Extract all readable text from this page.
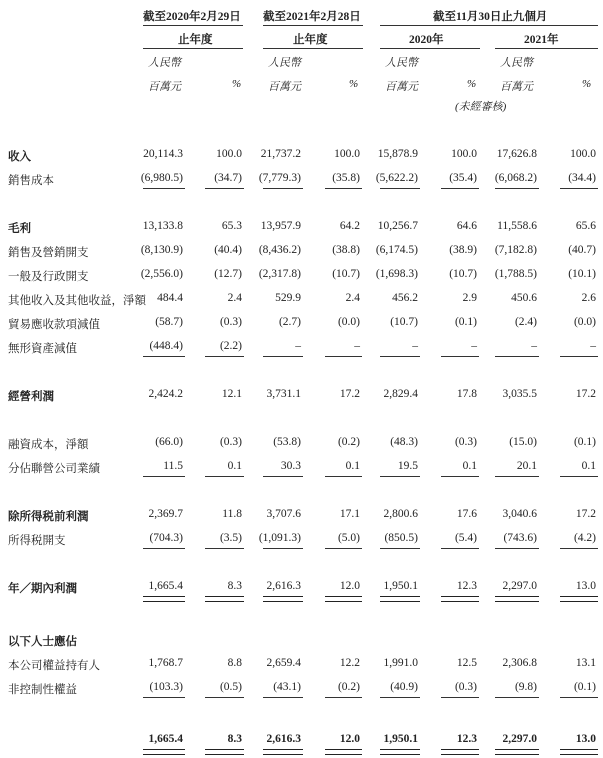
截至2020年2月29日 截至2021年2月28日	截至11月30日止九個月
止年度	止年度	2020年	2021年
人民幣	人民幣	人民幣	人民幣
百萬元	% 百萬元	% 百萬元	% 百萬元	%
(未經審核)
收入	20,114.3	100.0	21,737.2	100.0	15,878.9	100.0	17,626.8	100.0
銷售成本	(6,980.5)	(34.7)	(7,779.3)	(35.8)	(5,622.2)	(35.4)	(6,068.2)	(34.4)
毛利	13,133.8	65.3	13,957.9	64.2	10,256.7	64.6	11,558.6	65.6
銷售及營銷開支	(8,130.9)	(40.4)	(8,436.2)	(38.8)	(6,174.5)	(38.9)	(7,182.8)	(40.7)
一般及行政開支	(2,556.0)	(12.7)	(2,317.8)	(10.7)	(1,698.3)	(10.7)	(1,788.5)	(10.1)
其他收入及其他收益，淨額 484.4	2.4	529.9	2.4	456.2	2.9	450.6	2.6
貿易應收款項減值	(58.7)	(0.3)	(2.7)	(0.0)	(10.7)	(0.1)	(2.4)	(0.0)
無形資產減值	(448.4)	(2.2)	–	–	–	–	–	–
經營利潤	2,424.2	12.1	3,731.1	17.2	2,829.4	17.8	3,035.5	17.2
融資成本，淨額	(66.0)	(0.3)	(53.8)	(0.2)	(48.3)	(0.3)	(15.0)	(0.1)
分佔聯營公司業績	11.5	0.1	30.3	0.1	19.5	0.1	20.1	0.1
除所得税前利潤	2,369.7	11.8	3,707.6	17.1	2,800.6	17.6	3,040.6	17.2
所得税開支	(704.3)	(3.5)	(1,091.3)	(5.0)	(850.5)	(5.4)	(743.6)	(4.2)
年／期內利潤	1,665.4	8.3	2,616.3	12.0	1,950.1	12.3	2,297.0	13.0
以下人士應佔
本公司權益持有人	1,768.7	8.8	2,659.4	12.2	1,991.0	12.5	2,306.8	13.1
非控制性權益	(103.3)	(0.5)	(43.1)	(0.2)	(40.9)	(0.3)	(9.8)	(0.1)
1,665.4	8.3	2,616.3	12.0	1,950.1	12.3	2,297.0	13.0
